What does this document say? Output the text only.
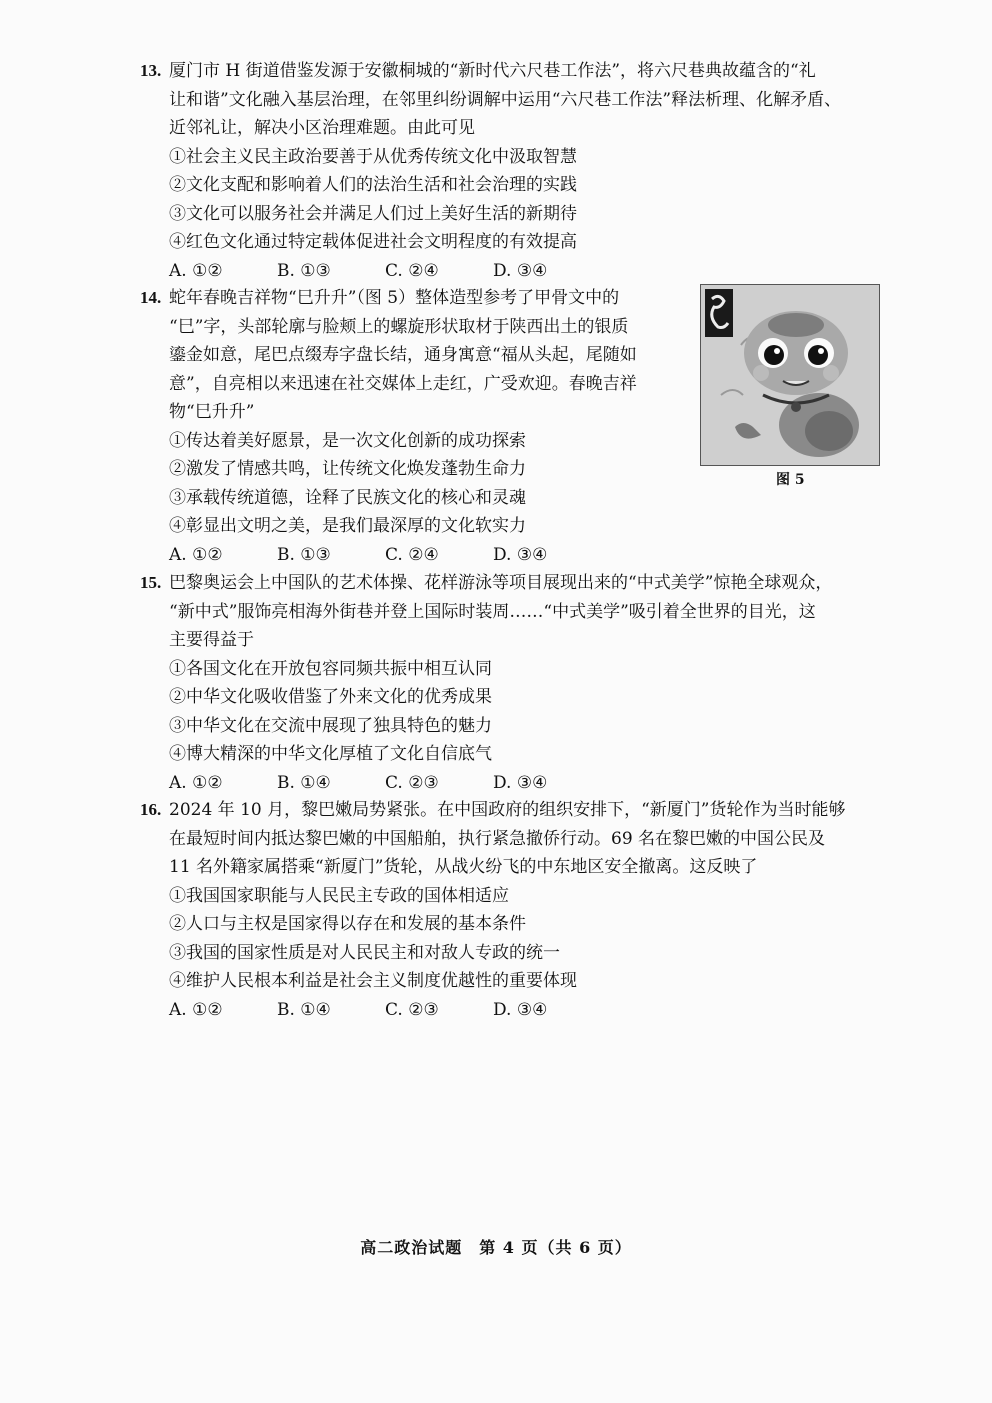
13. 厦门市 H 街道借鉴发源于安徽桐城的“新时代六尺巷工作法”，将六尺巷典故蕴含的“礼
让和谐”文化融入基层治理，在邻里纠纷调解中运用“六尺巷工作法”释法析理、化解矛盾、
近邻礼让，解决小区治理难题。由此可见

①社会主义民主政治要善于从优秀传统文化中汲取智慧
②文化支配和影响着人们的法治生活和社会治理的实践
③文化可以服务社会并满足人们过上美好生活的新期待
④红色文化通过特定载体促进社会文明程度的有效提高
A. ①②	B. ①③	C. ②④	D. ③④

14. 蛇年春晚吉祥物“巳升升”（图 5）整体造型参考了甲骨文中的
“巳”字，头部轮廓与脸颊上的螺旋形状取材于陕西出土的银质
鎏金如意，尾巴点缀寿字盘长结，通身寓意“福从头起，尾随如
意”，自亮相以来迅速在社交媒体上走红，广受欢迎。春晚吉祥
物“巳升升”

①传达着美好愿景，是一次文化创新的成功探索
②激发了情感共鸣，让传统文化焕发蓬勃生命力
③承载传统道德，诠释了民族文化的核心和灵魂
④彰显出文明之美，是我们最深厚的文化软实力
A. ①②	B. ①③	C. ②④	D. ③④
图 5

15. 巴黎奥运会上中国队的艺术体操、花样游泳等项目展现出来的“中式美学”惊艳全球观众，
“新中式”服饰亮相海外街巷并登上国际时装周……“中式美学”吸引着全世界的目光，这
主要得益于

①各国文化在开放包容同频共振中相互认同
②中华文化吸收借鉴了外来文化的优秀成果
③中华文化在交流中展现了独具特色的魅力
④博大精深的中华文化厚植了文化自信底气
A. ①②	B. ①④	C. ②③	D. ③④

16. 2024 年 10 月，黎巴嫩局势紧张。在中国政府的组织安排下，“新厦门”货轮作为当时能够
在最短时间内抵达黎巴嫩的中国船舶，执行紧急撤侨行动。69 名在黎巴嫩的中国公民及
11 名外籍家属搭乘“新厦门”货轮，从战火纷飞的中东地区安全撤离。这反映了

①我国国家职能与人民民主专政的国体相适应
②人口与主权是国家得以存在和发展的基本条件
③我国的国家性质是对人民民主和对敌人专政的统一
④维护人民根本利益是社会主义制度优越性的重要体现
A. ①②	B. ①④	C. ②③	D. ③④
高二政治试题　第 4 页（共 6 页）
